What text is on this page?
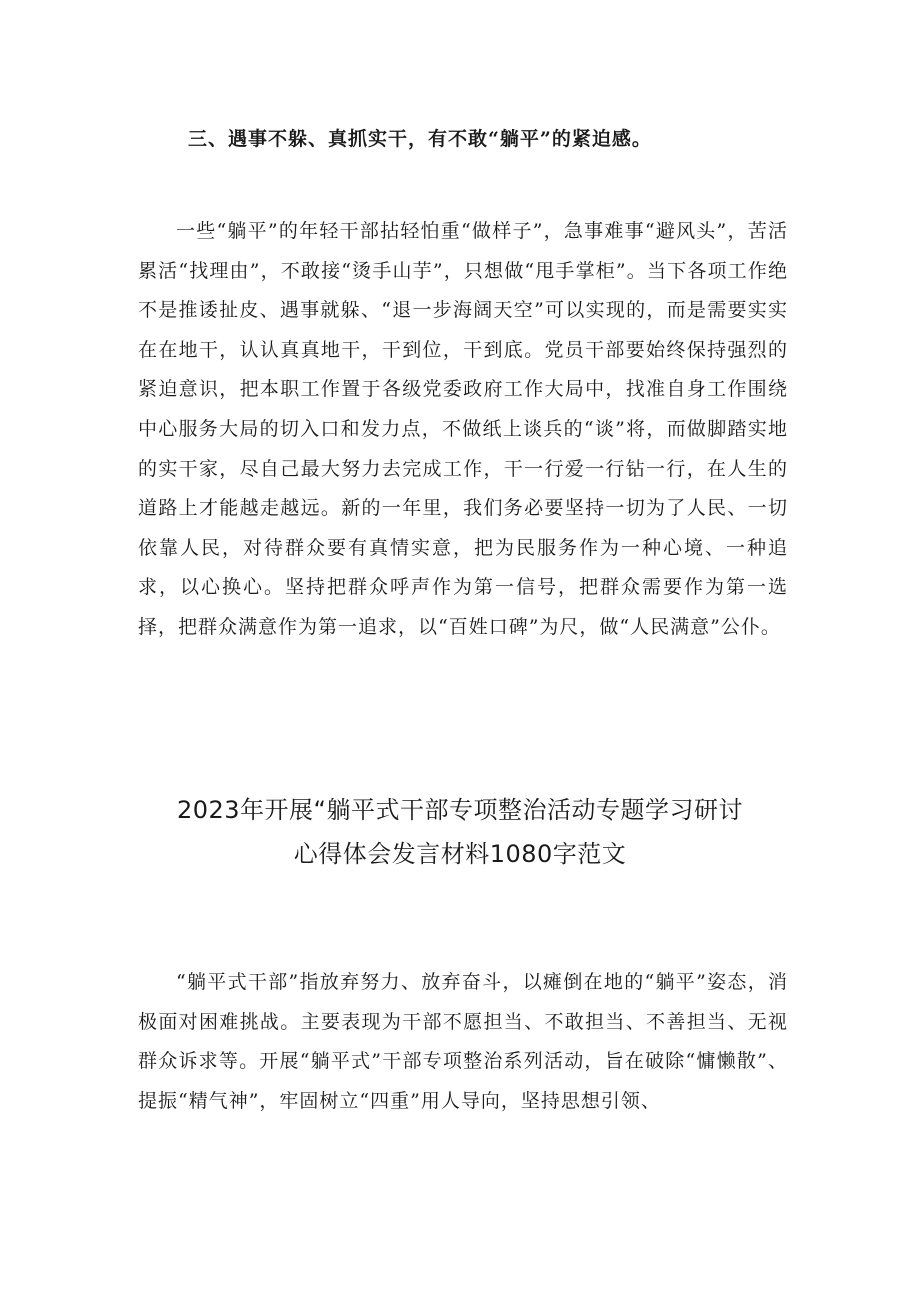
三、遇事不躲、真抓实干，有不敢“躺平”的紧迫感。

一些“躺平”的年轻干部拈轻怕重“做样子”，急事难事“避风头”，苦活累活“找理由”，不敢接“烫手山芋”，只想做“甩手掌柜”。当下各项工作绝不是推诿扯皮、遇事就躲、“退一步海阔天空”可以实现的，而是需要实实在在地干，认认真真地干，干到位，干到底。党员干部要始终保持强烈的紧迫意识，把本职工作置于各级党委政府工作大局中，找准自身工作围绕中心服务大局的切入口和发力点，不做纸上谈兵的“谈”将，而做脚踏实地的实干家，尽自己最大努力去完成工作，干一行爱一行钻一行，在人生的道路上才能越走越远。新的一年里，我们务必要坚持一切为了人民、一切依靠人民，对待群众要有真情实意，把为民服务作为一种心境、一种追求，以心换心。坚持把群众呼声作为第一信号，把群众需要作为第一选择，把群众满意作为第一追求，以“百姓口碑”为尺，做“人民满意”公仆。

2023年开展“躺平式干部专项整治活动专题学习研讨
心得体会发言材料1080字范文

“躺平式干部”指放弃努力、放弃奋斗，以瘫倒在地的“躺平”姿态，消极面对困难挑战。主要表现为干部不愿担当、不敢担当、不善担当、无视群众诉求等。开展“躺平式”干部专项整治系列活动，旨在破除“慵懒散”、提振“精气神”，牢固树立“四重”用人导向，坚持思想引领、
